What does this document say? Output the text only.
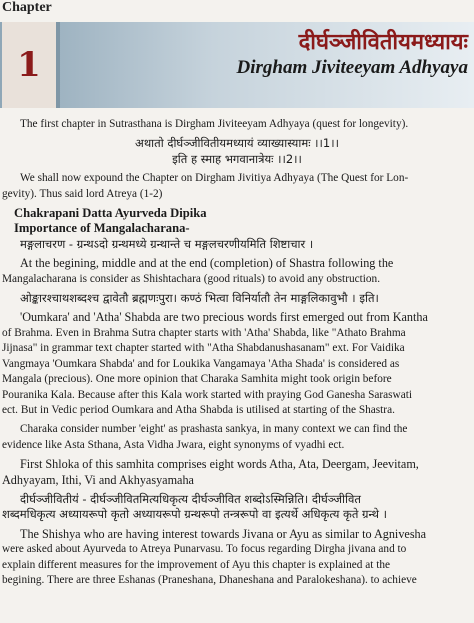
Chapter
1
दीर्घञ्जीवितीयमध्यायः
Dirgham Jiviteeyam Adhyaya

The first chapter in Sutrasthana is Dirgham Jiviteeyam Adhyaya (quest for longevity).

अथातो दीर्घञ्जीवितीयमध्यायं व्याख्यास्यामः ।।1।।

इति ह स्माह भगवानात्रेयः ।।2।।

We shall now expound the Chapter on Dirgham Jivitiya Adhyaya (The Quest for Lon-

gevity). Thus said lord Atreya (1-2)

Chakrapani Datta Ayurveda Dipika

Importance of Mangalacharana-

मङ्गलाचरण - ग्रन्थऽदो ग्रन्थमध्ये ग्रन्थान्ते च मङ्गलचरणीयमिति शिष्टाचार ।

At the begining, middle and at the end (completion) of Shastra following the

Mangalacharana is consider as Shishtachara (good rituals) to avoid any obstruction.

ओङ्कारश्चाथशब्दश्च द्वावेतौ ब्रह्मणःपुरा। कण्ठं भित्वा विनिर्यातौ तेन माङ्गलिकावुभौ । इति।

'Oumkara' and 'Atha' Shabda are two precious words first emerged out from Kantha

of Brahma. Even in Brahma Sutra chapter starts with 'Atha' Shabda, like "Athato Brahma

Jijnasa" in grammar text chapter started with "Atha Shabdanushasanam" ext. For Vaidika

Vangmaya 'Oumkara Shabda' and for Loukika Vangamaya 'Atha Shada' is considered as

Mangala (precious). One more opinion that Charaka Samhita might took origin before

Pouranika Kala. Because after this Kala work started with praying God Ganesha Saraswati

ect. But in Vedic period Oumkara and Atha Shabda is utilised at starting of the Shastra.

Charaka consider number 'eight' as prashasta sankya, in many context we can find the

evidence like Asta Sthana, Asta Vidha Jwara, eight synonyms of vyadhi ect.

First Shloka of this samhita comprises eight words Atha, Ata, Deergam, Jeevitam,

Adhyayam, Ithi, Vi and Akhyasyamaha

दीर्घञ्जीवितीय॑ - दीर्घञ्जीवितमित्यधिकृत्य दीर्घञ्जीवित शब्दोऽस्मिन्निति। दीर्घञ्जीवित

शब्दमधिकृत्य अध्यायरूपो कृतो अध्यायरूपो ग्रन्थरूपो तन्त्ररूपो वा इत्यर्थे अधिकृत्य कृते ग्रन्थे ।

The Shishya who are having interest towards Jivana or Ayu as similar to Agnivesha

were asked about Ayurveda to Atreya Punarvasu. To focus regarding Dirgha jivana and to

explain different measures for the improvement of Ayu this chapter is explained at the

begining. There are three Eshanas (Praneshana, Dhaneshana and Paralokeshana). to achieve
